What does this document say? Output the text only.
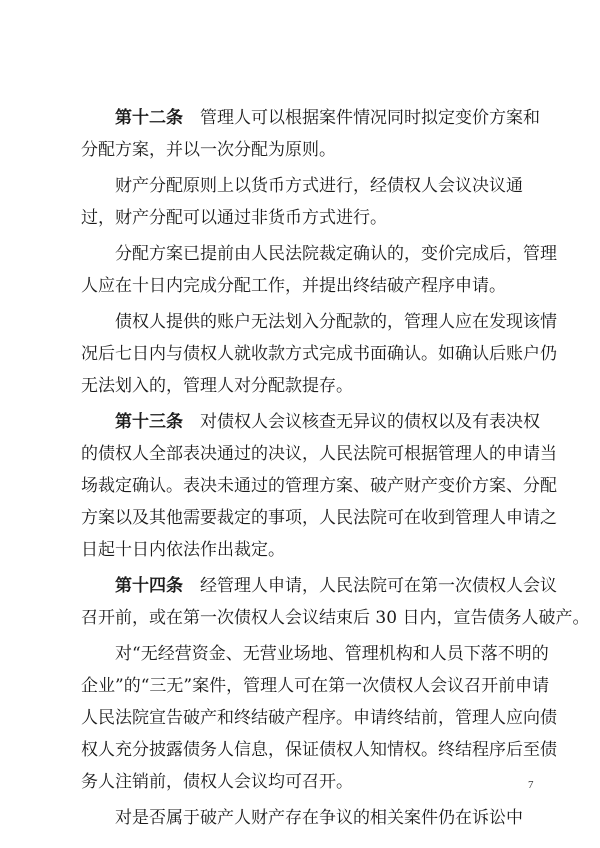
第十二条　管理人可以根据案件情况同时拟定变价方案和
分配方案，并以一次分配为原则。
财产分配原则上以货币方式进行，经债权人会议决议通
过，财产分配可以通过非货币方式进行。
分配方案已提前由人民法院裁定确认的，变价完成后，管理
人应在十日内完成分配工作，并提出终结破产程序申请。
债权人提供的账户无法划入分配款的，管理人应在发现该情
况后七日内与债权人就收款方式完成书面确认。如确认后账户仍
无法划入的，管理人对分配款提存。
第十三条　对债权人会议核查无异议的债权以及有表决权
的债权人全部表决通过的决议，人民法院可根据管理人的申请当
场裁定确认。表决未通过的管理方案、破产财产变价方案、分配
方案以及其他需要裁定的事项，人民法院可在收到管理人申请之
日起十日内依法作出裁定。
第十四条　经管理人申请，人民法院可在第一次债权人会议
召开前，或在第一次债权人会议结束后 30 日内，宣告债务人破产。
对“无经营资金、无营业场地、管理机构和人员下落不明的
企业”的“三无”案件，管理人可在第一次债权人会议召开前申请
人民法院宣告破产和终结破产程序。申请终结前，管理人应向债
权人充分披露债务人信息，保证债权人知情权。终结程序后至债
务人注销前，债权人会议均可召开。
对是否属于破产人财产存在争议的相关案件仍在诉讼中
7
